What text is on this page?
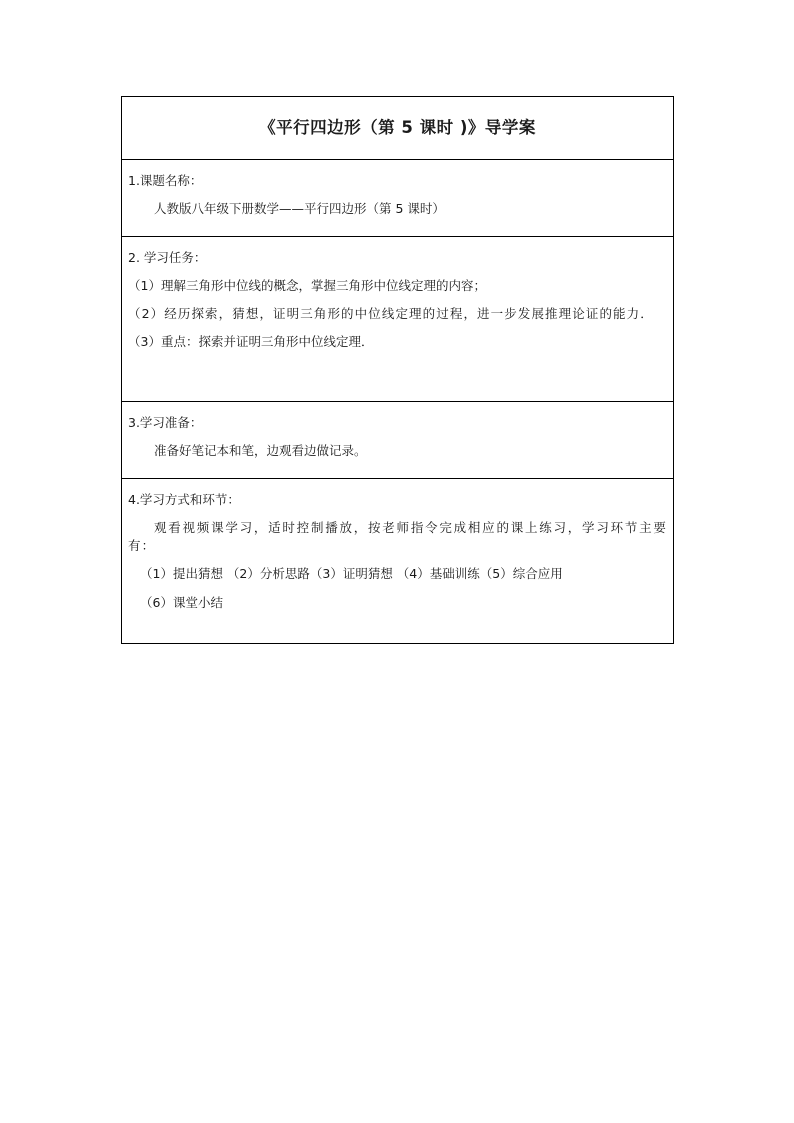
《平行四边形（第 5 课时 )》导学案

1.课题名称：
人教版八年级下册数学——平行四边形（第 5 课时）

2. 学习任务：
（1）理解三角形中位线的概念，掌握三角形中位线定理的内容；
（2）经历探索，猜想，证明三角形的中位线定理的过程，进一步发展推理论证的能力．
（3）重点：探索并证明三角形中位线定理．

3.学习准备：
准备好笔记本和笔，边观看边做记录。

4.学习方式和环节：
观看视频课学习，适时控制播放，按老师指令完成相应的课上练习，学习环节主要有：
（1）提出猜想 （2）分析思路（3）证明猜想 （4）基础训练（5）综合应用
（6）课堂小结
